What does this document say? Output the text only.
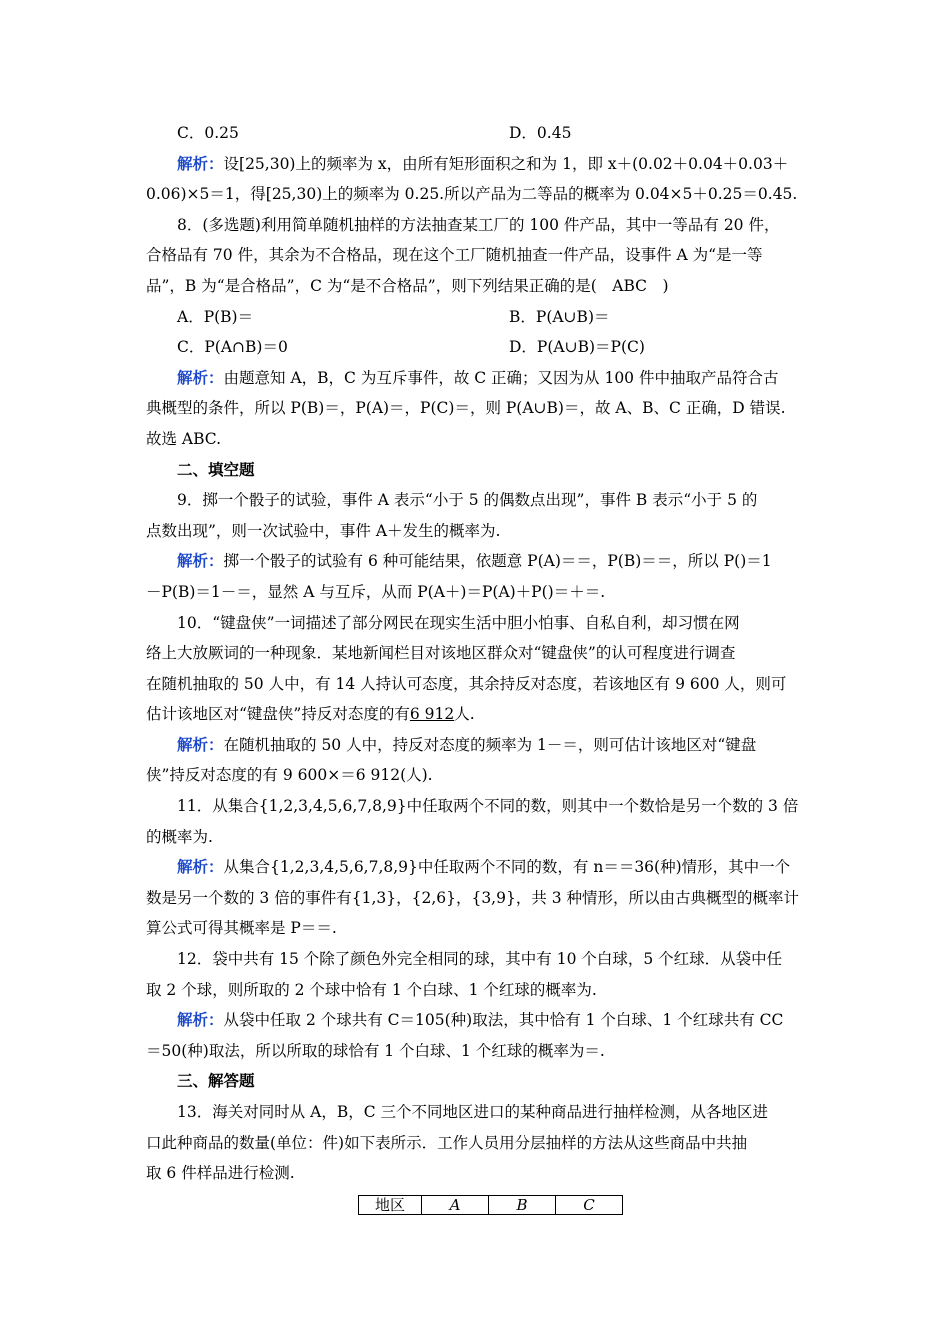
C．0.25	D．0.45

解析：设[25,30)上的频率为 x，由所有矩形面积之和为 1，即 x＋(0.02＋0.04＋0.03＋

0.06)×5＝1，得[25,30)上的频率为 0.25.所以产品为二等品的概率为 0.04×5＋0.25＝0.45.

8．(多选题)利用简单随机抽样的方法抽查某工厂的 100 件产品，其中一等品有 20 件，

合格品有 70 件，其余为不合格品，现在这个工厂随机抽查一件产品，设事件 A 为“是一等

品”，B 为“是合格品”，C 为“是不合格品”，则下列结果正确的是(　ABC　)

A．P(B)＝	B．P(A∪B)＝
C．P(A∩B)＝0	D．P(A∪B)＝P(C)

解析：由题意知 A，B，C 为互斥事件，故 C 正确；又因为从 100 件中抽取产品符合古

典概型的条件，所以 P(B)＝，P(A)＝，P(C)＝，则 P(A∪B)＝，故 A、B、C 正确，D 错误.

故选 ABC.

二、填空题

9．掷一个骰子的试验，事件 A 表示“小于 5 的偶数点出现”，事件 B 表示“小于 5 的

点数出现”，则一次试验中，事件 A＋发生的概率为.

解析：掷一个骰子的试验有 6 种可能结果，依题意 P(A)＝＝，P(B)＝＝，所以 P()＝1

－P(B)＝1－＝，显然 A 与互斥，从而 P(A＋)＝P(A)＋P()＝＋＝.

10．“键盘侠”一词描述了部分网民在现实生活中胆小怕事、自私自利，却习惯在网

络上大放厥词的一种现象．某地新闻栏目对该地区群众对“键盘侠”的认可程度进行调查

在随机抽取的 50 人中，有 14 人持认可态度，其余持反对态度，若该地区有 9 600 人，则可

估计该地区对“键盘侠”持反对态度的有6 912人.

解析：在随机抽取的 50 人中，持反对态度的频率为 1－＝，则可估计该地区对“键盘

侠”持反对态度的有 9 600×＝6 912(人).

11．从集合{1,2,3,4,5,6,7,8,9}中任取两个不同的数，则其中一个数恰是另一个数的 3 倍

的概率为.

解析：从集合{1,2,3,4,5,6,7,8,9}中任取两个不同的数，有 n＝＝36(种)情形，其中一个

数是另一个数的 3 倍的事件有{1,3}，{2,6}，{3,9}，共 3 种情形，所以由古典概型的概率计

算公式可得其概率是 P＝＝.

12．袋中共有 15 个除了颜色外完全相同的球，其中有 10 个白球，5 个红球．从袋中任

取 2 个球，则所取的 2 个球中恰有 1 个白球、1 个红球的概率为.

解析：从袋中任取 2 个球共有 C＝105(种)取法，其中恰有 1 个白球、1 个红球共有 CC

＝50(种)取法，所以所取的球恰有 1 个白球、1 个红球的概率为＝.

三、解答题

13．海关对同时从 A，B，C 三个不同地区进口的某种商品进行抽样检测，从各地区进

口此种商品的数量(单位：件)如下表所示．工作人员用分层抽样的方法从这些商品中共抽

取 6 件样品进行检测.

地区	A	B	C
